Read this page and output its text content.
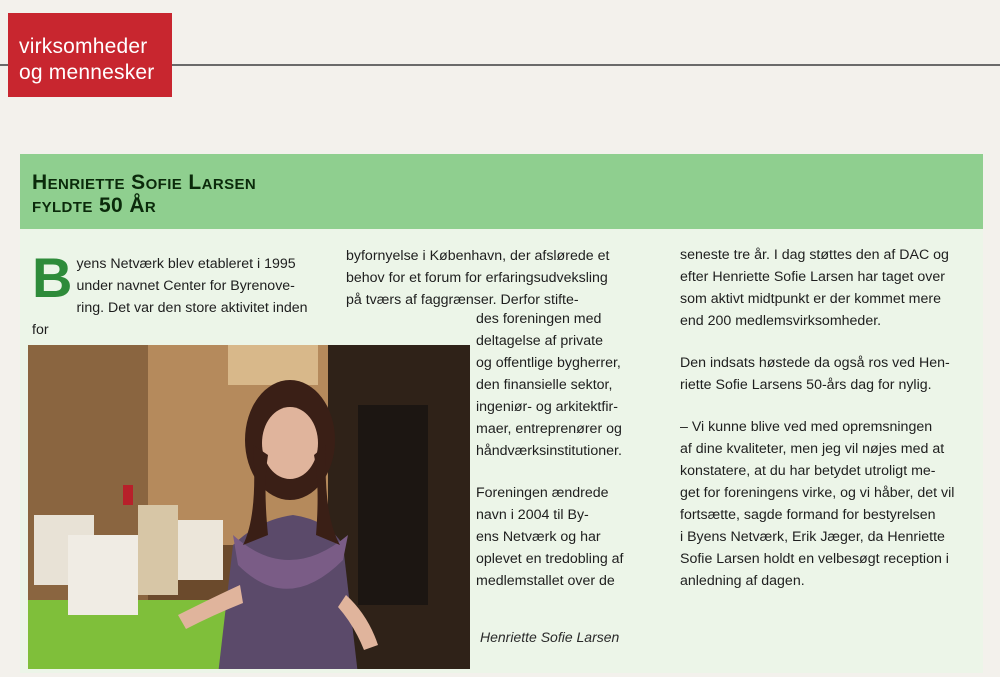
virksomheder
og mennesker
Henriette Sofie Larsen
fyldte 50 År
B yens Netværk blev etableret i 1995

under navnet Center for Byrenove-

ring. Det var den store aktivitet inden for

byfornyelse i København, der afslørede et

behov for et forum for erfaringsudveksling

på tværs af faggrænser. Derfor stifte-

des foreningen med
deltagelse af private
og offentlige bygherrer,
den finansielle sektor,
ingeniør- og arkitektfir-
maer, entreprenører og
håndværksinstitutioner.

Foreningen ændrede
navn i 2004 til By-
ens Netværk og har
oplevet en tredobling af
medlemstallet over de

seneste tre år. I dag støttes den af DAC og
efter Henriette Sofie Larsen har taget over
som aktivt midtpunkt er der kommet mere
end 200 medlemsvirksomheder.

Den indsats høstede da også ros ved Hen-
riette Sofie Larsens 50-års dag for nylig.

– Vi kunne blive ved med opremsningen
af dine kvaliteter, men jeg vil nøjes med at
konstatere, at du har betydet utroligt me-
get for foreningens virke, og vi håber, det vil
fortsætte, sagde formand for bestyrelsen
i Byens Netværk, Erik Jæger, da Henriette
Sofie Larsen holdt en velbesøgt reception i
anledning af dagen.

Henriette Sofie Larsen
